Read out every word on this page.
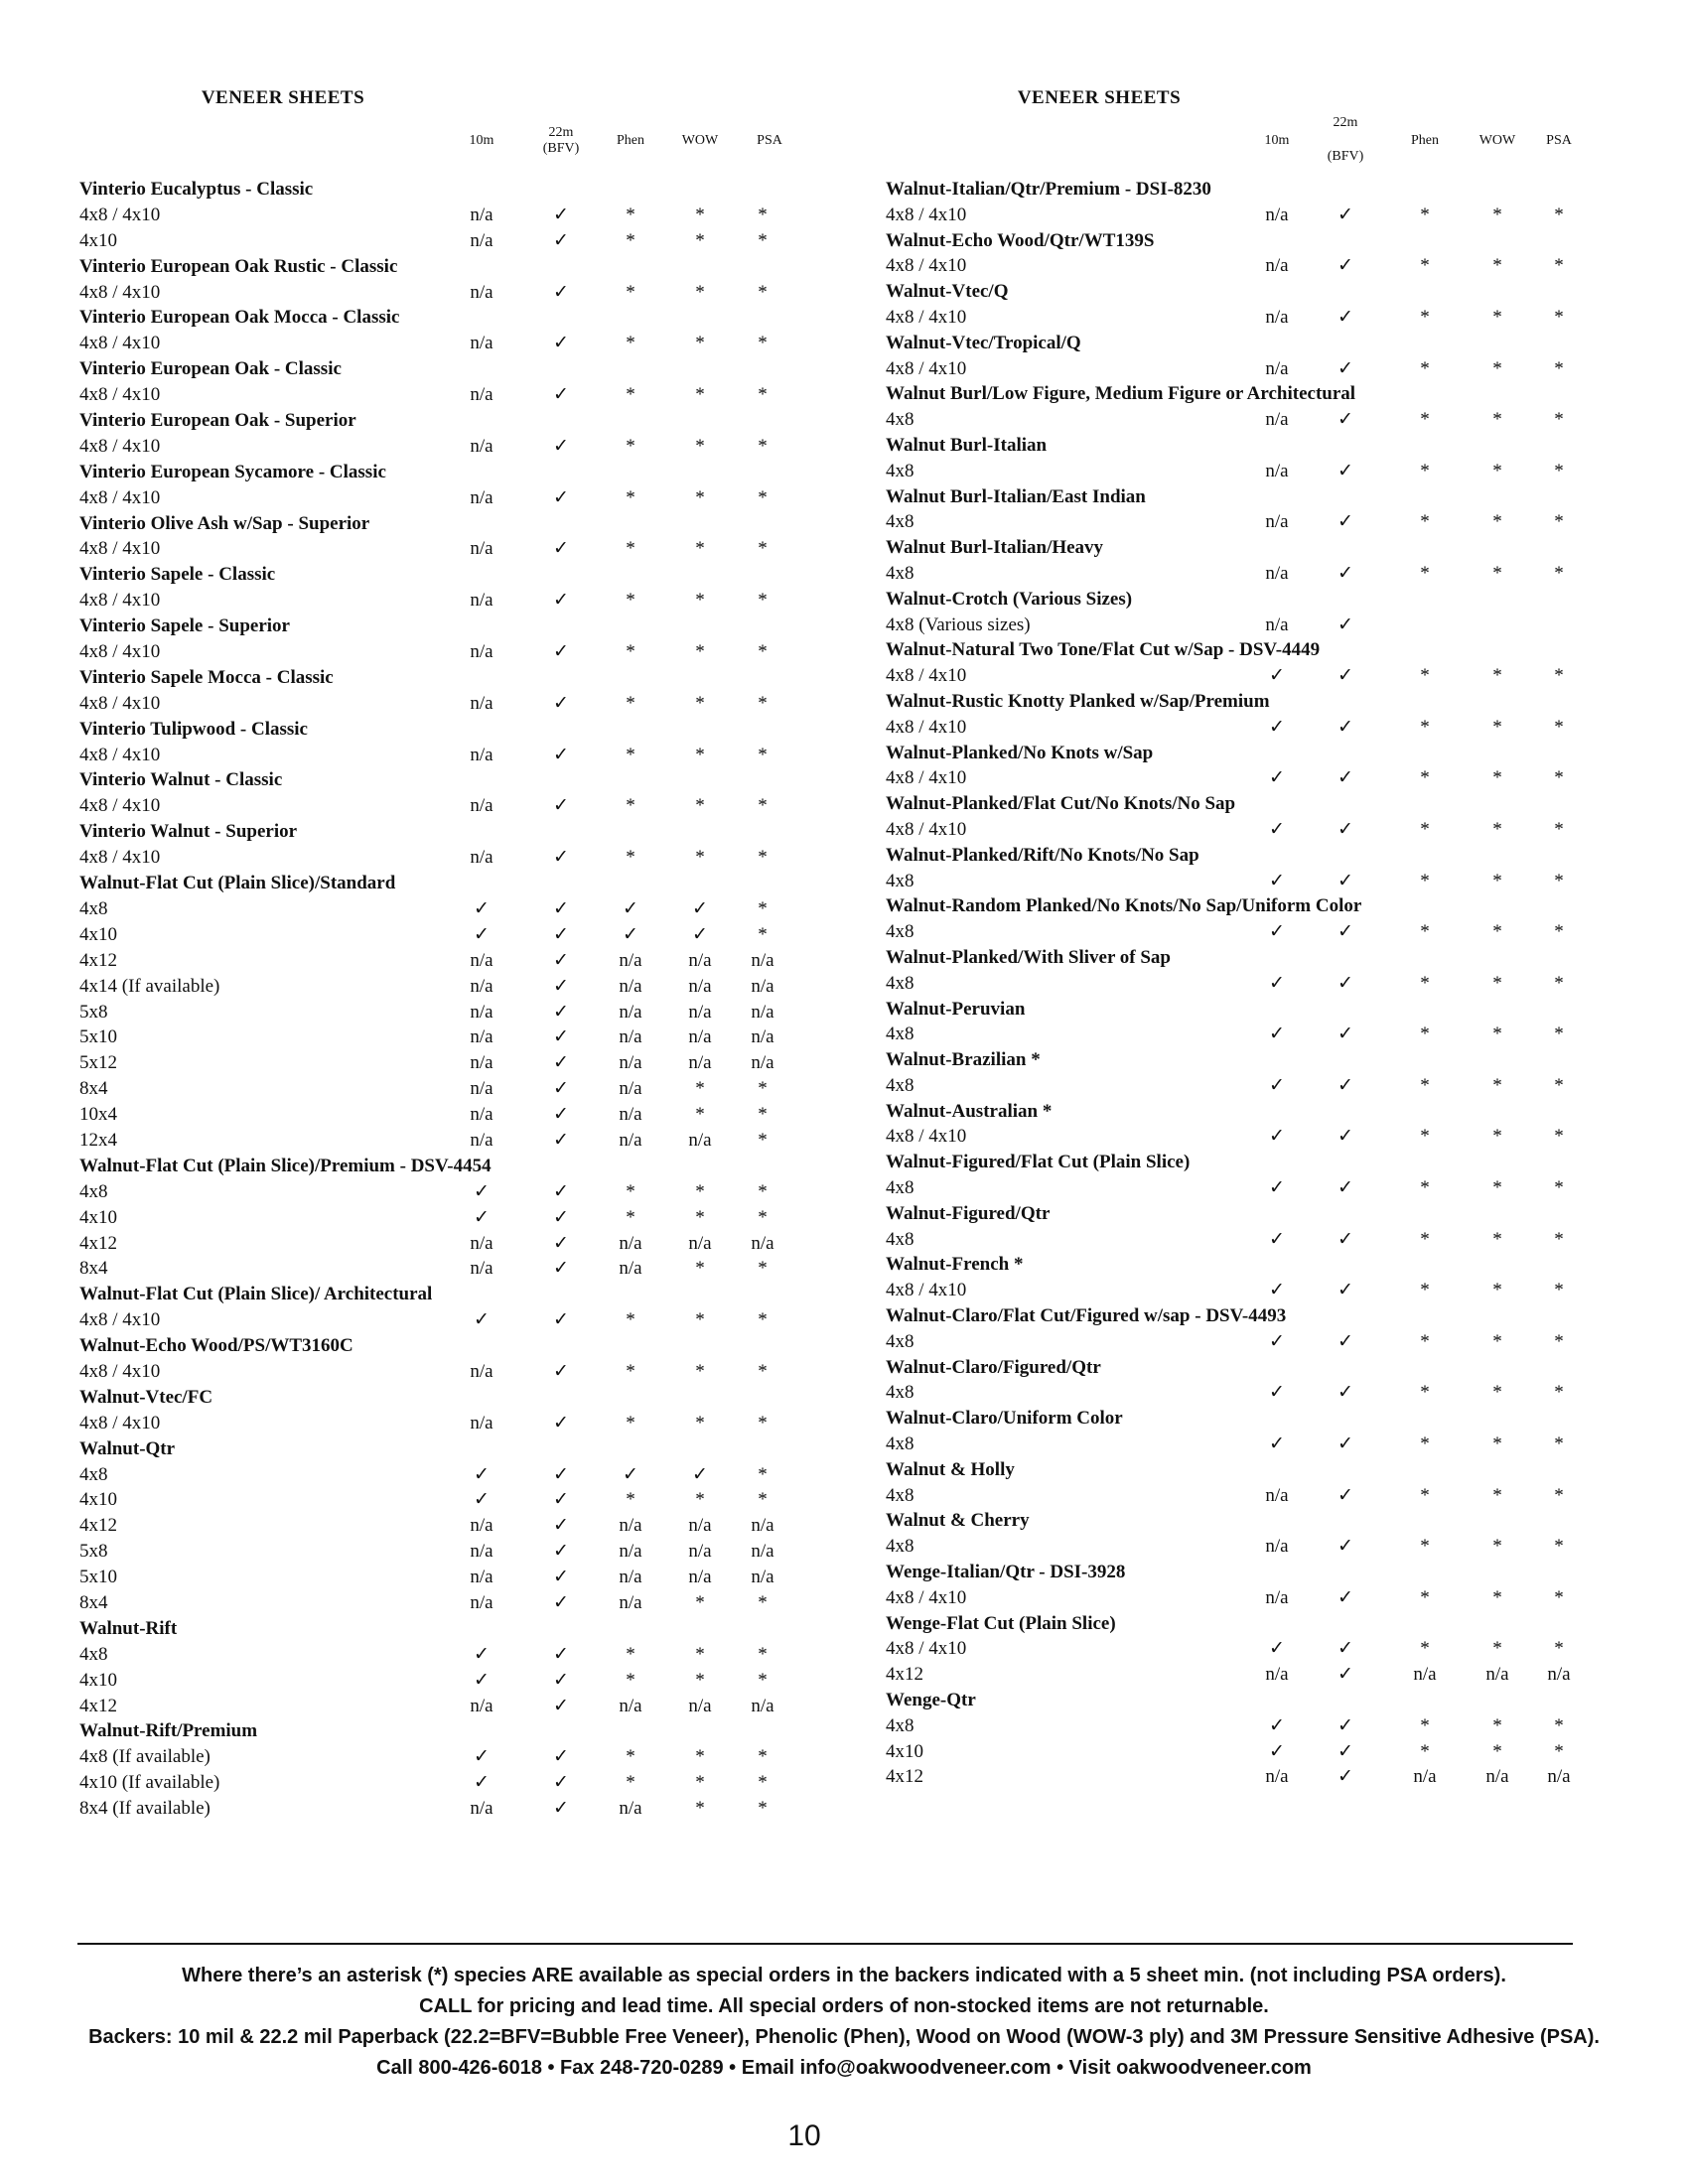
VENEER SHEETS
10m
22m
(BFV)
Phen	WOW	PSA
Vinterio Eucalyptus - Classic
4x8 / 4x10	n/a	✓	*	*	*
4x10	n/a	✓	*	*	*
Vinterio European Oak Rustic - Classic
4x8 / 4x10	n/a	✓	*	*	*
Vinterio European Oak Mocca - Classic
4x8 / 4x10	n/a	✓	*	*	*
Vinterio European Oak - Classic
4x8 / 4x10	n/a	✓	*	*	*
Vinterio European Oak - Superior
4x8 / 4x10	n/a	✓	*	*	*
Vinterio European Sycamore - Classic
4x8 / 4x10	n/a	✓	*	*	*
Vinterio Olive Ash w/Sap - Superior
4x8 / 4x10	n/a	✓	*	*	*
Vinterio Sapele - Classic
4x8 / 4x10	n/a	✓	*	*	*
Vinterio Sapele - Superior
4x8 / 4x10	n/a	✓	*	*	*
Vinterio Sapele Mocca - Classic
4x8 / 4x10	n/a	✓	*	*	*
Vinterio Tulipwood - Classic
4x8 / 4x10	n/a	✓	*	*	*
Vinterio Walnut - Classic
4x8 / 4x10	n/a	✓	*	*	*
Vinterio Walnut - Superior
4x8 / 4x10	n/a	✓	*	*	*
Walnut-Flat Cut (Plain Slice)/Standard
4x8	✓	✓	✓	✓	*
4x10	✓	✓	✓	✓	*
4x12	n/a	✓	n/a	n/a	n/a
4x14 (If available)	n/a	✓	n/a	n/a	n/a
5x8	n/a	✓	n/a	n/a	n/a
5x10	n/a	✓	n/a	n/a	n/a
5x12	n/a	✓	n/a	n/a	n/a
8x4	n/a	✓	n/a	*	*
10x4	n/a	✓	n/a	*	*
12x4	n/a	✓	n/a	n/a	*
Walnut-Flat Cut (Plain Slice)/Premium - DSV-4454
4x8	✓	✓	*	*	*
4x10	✓	✓	*	*	*
4x12	n/a	✓	n/a	n/a	n/a
8x4	n/a	✓	n/a	*	*
Walnut-Flat Cut (Plain Slice)/ Architectural
4x8 / 4x10	✓	✓	*	*	*
Walnut-Echo Wood/PS/WT3160C
4x8 / 4x10	n/a	✓	*	*	*
Walnut-Vtec/FC
4x8 / 4x10	n/a	✓	*	*	*
Walnut-Qtr
4x8	✓	✓	✓	✓	*
4x10	✓	✓	*	*	*
4x12	n/a	✓	n/a	n/a	n/a
5x8	n/a	✓	n/a	n/a	n/a
5x10	n/a	✓	n/a	n/a	n/a
8x4	n/a	✓	n/a	*	*
Walnut-Rift
4x8	✓	✓	*	*	*
4x10	✓	✓	*	*	*
4x12	n/a	✓	n/a	n/a	n/a
Walnut-Rift/Premium
4x8 (If available)	✓	✓	*	*	*
4x10 (If available)	✓	✓	*	*	*
8x4 (If available)	n/a	✓	n/a	*	*
VENEER SHEETS
10m
22m
(BFV)
Phen	WOW	PSA
Walnut-Italian/Qtr/Premium - DSI-8230
4x8 / 4x10	n/a	✓	*	*	*
Walnut-Echo Wood/Qtr/WT139S
4x8 / 4x10	n/a	✓	*	*	*
Walnut-Vtec/Q
4x8 / 4x10	n/a	✓	*	*	*
Walnut-Vtec/Tropical/Q
4x8 / 4x10	n/a	✓	*	*	*
Walnut Burl/Low Figure, Medium Figure or Architectural
4x8	n/a	✓	*	*	*
Walnut Burl-Italian
4x8	n/a	✓	*	*	*
Walnut Burl-Italian/East Indian
4x8	n/a	✓	*	*	*
Walnut Burl-Italian/Heavy
4x8	n/a	✓	*	*	*
Walnut-Crotch (Various Sizes)
4x8 (Various sizes)	n/a	✓
Walnut-Natural Two Tone/Flat Cut w/Sap - DSV-4449
4x8 / 4x10	✓	✓	*	*	*
Walnut-Rustic Knotty Planked w/Sap/Premium
4x8 / 4x10	✓	✓	*	*	*
Walnut-Planked/No Knots w/Sap
4x8 / 4x10	✓	✓	*	*	*
Walnut-Planked/Flat Cut/No Knots/No Sap
4x8 / 4x10	✓	✓	*	*	*
Walnut-Planked/Rift/No Knots/No Sap
4x8	✓	✓	*	*	*
Walnut-Random Planked/No Knots/No Sap/Uniform Color
4x8	✓	✓	*	*	*
Walnut-Planked/With Sliver of Sap
4x8	✓	✓	*	*	*
Walnut-Peruvian
4x8	✓	✓	*	*	*
Walnut-Brazilian *
4x8	✓	✓	*	*	*
Walnut-Australian *
4x8 / 4x10	✓	✓	*	*	*
Walnut-Figured/Flat Cut (Plain Slice)
4x8	✓	✓	*	*	*
Walnut-Figured/Qtr
4x8	✓	✓	*	*	*
Walnut-French *
4x8 / 4x10	✓	✓	*	*	*
Walnut-Claro/Flat Cut/Figured w/sap - DSV-4493
4x8	✓	✓	*	*	*
Walnut-Claro/Figured/Qtr
4x8	✓	✓	*	*	*
Walnut-Claro/Uniform Color
4x8	✓	✓	*	*	*
Walnut & Holly
4x8	n/a	✓	*	*	*
Walnut & Cherry
4x8	n/a	✓	*	*	*
Wenge-Italian/Qtr - DSI-3928
4x8 / 4x10	n/a	✓	*	*	*
Wenge-Flat Cut (Plain Slice)
4x8 / 4x10	✓	✓	*	*	*
4x12	n/a	✓	n/a	n/a	n/a
Wenge-Qtr
4x8	✓	✓	*	*	*
4x10	✓	✓	*	*	*
4x12	n/a	✓	n/a	n/a	n/a
Where there’s an asterisk (*) species ARE available as special orders in the backers indicated with a 5 sheet min. (not including PSA orders).
CALL for pricing and lead time. All special orders of non-stocked items are not returnable.
Backers: 10 mil & 22.2 mil Paperback (22.2=BFV=Bubble Free Veneer), Phenolic (Phen), Wood on Wood (WOW-3 ply) and 3M Pressure Sensitive Adhesive (PSA).
Call 800-426-6018 • Fax 248-720-0289 • Email info@oakwoodveneer.com • Visit oakwoodveneer.com
10
